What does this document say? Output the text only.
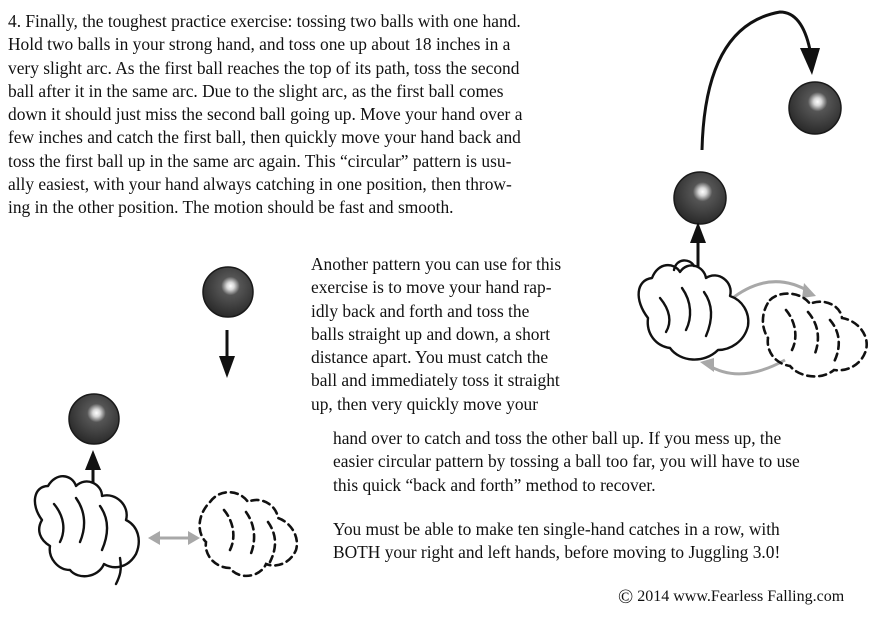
4. Finally, the toughest practice exercise: tossing two balls with one hand.
Hold two balls in your strong hand, and toss one up about 18 inches in a
very slight arc. As the first ball reaches the top of its path, toss the second
ball after it in the same arc. Due to the slight arc, as the first ball comes
down it should just miss the second ball going up. Move your hand over a
few inches and catch the first ball, then quickly move your hand back and
toss the first ball up in the same arc again. This “circular” pattern is usu-
ally easiest, with your hand always catching in one position, then throw-
ing in the other position. The motion should be fast and smooth.
Another pattern you can use for this
exercise is to move your hand rap-
idly back and forth and toss the
balls straight up and down, a short
distance apart. You must catch the
ball and immediately toss it straight
up, then very quickly move your
hand over to catch and toss the other ball up. If you mess up, the
easier circular pattern by tossing a ball too far, you will have to use
this quick “back and forth” method to recover.
You must be able to make ten single-hand catches in a row, with
BOTH your right and left hands, before moving to Juggling 3.0!
© 2014 www.Fearless Falling.com
